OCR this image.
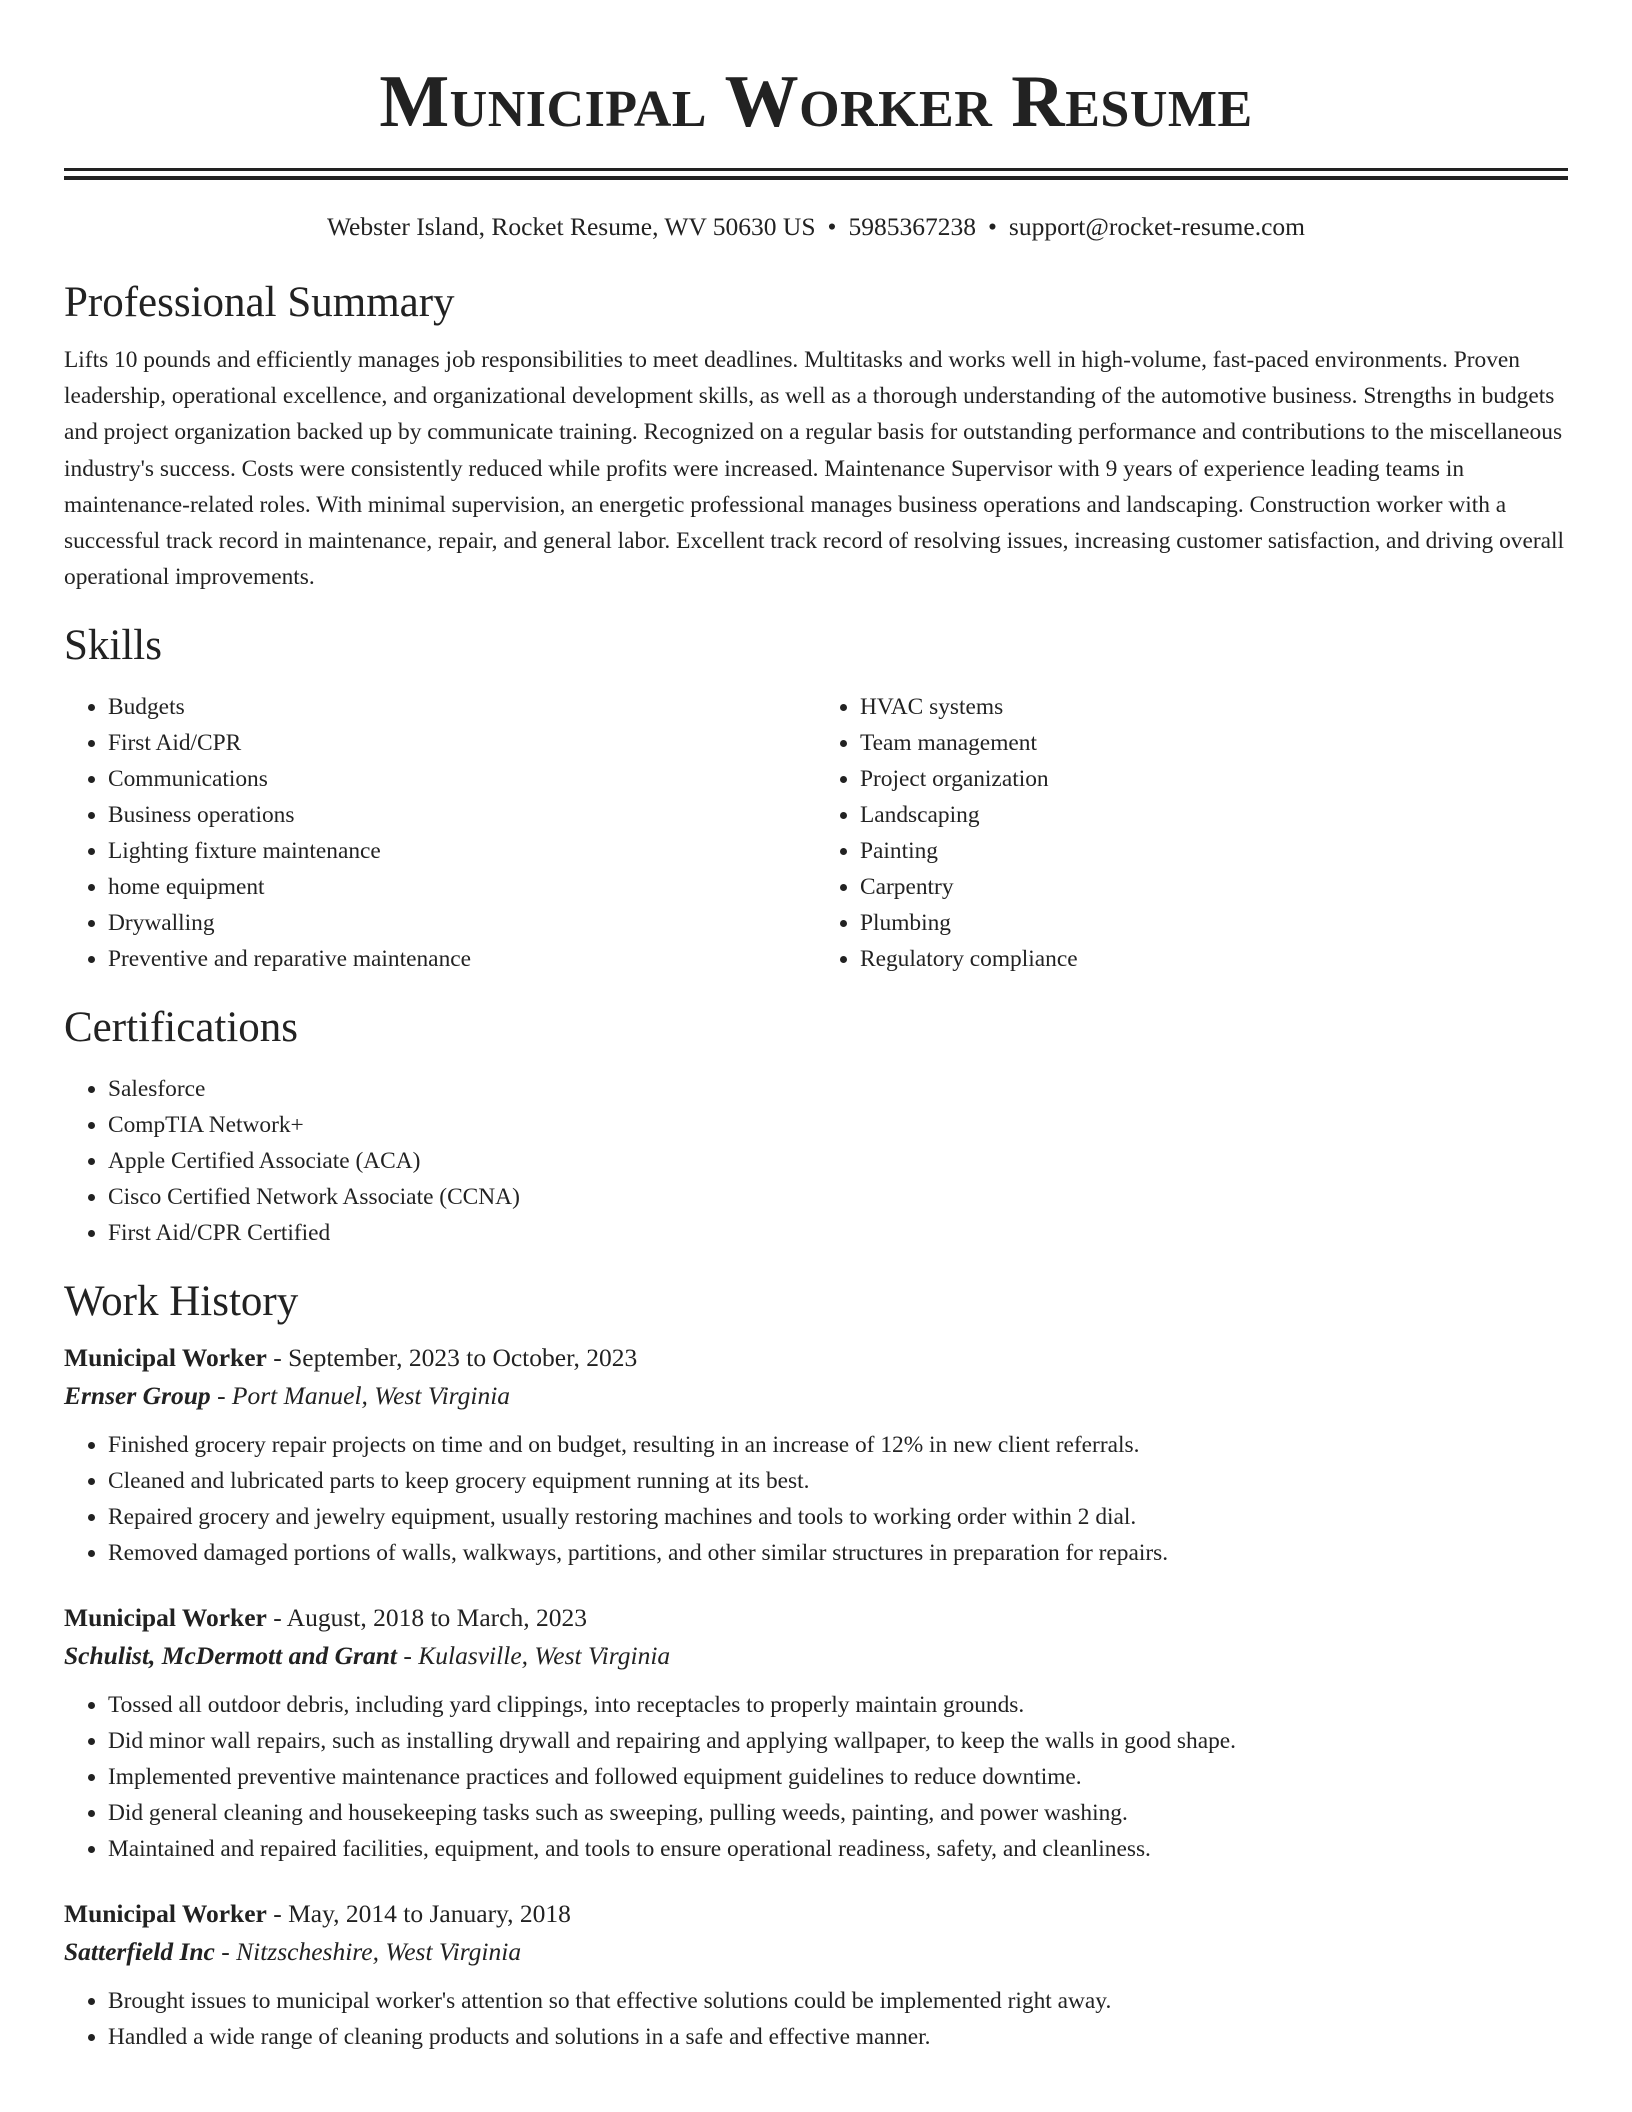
Municipal Worker Resume
Webster Island, Rocket Resume, WV 50630 US • 5985367238 • support@rocket-resume.com
Professional Summary
Lifts 10 pounds and efficiently manages job responsibilities to meet deadlines. Multitasks and works well in high-volume, fast-paced environments. Proven leadership, operational excellence, and organizational development skills, as well as a thorough understanding of the automotive business. Strengths in budgets and project organization backed up by communicate training. Recognized on a regular basis for outstanding performance and contributions to the miscellaneous industry's success. Costs were consistently reduced while profits were increased. Maintenance Supervisor with 9 years of experience leading teams in maintenance-related roles. With minimal supervision, an energetic professional manages business operations and landscaping. Construction worker with a successful track record in maintenance, repair, and general labor. Excellent track record of resolving issues, increasing customer satisfaction, and driving overall operational improvements.
Skills
• Budgets
• First Aid/CPR
• Communications
• Business operations
• Lighting fixture maintenance
• home equipment
• Drywalling
• Preventive and reparative maintenance
• HVAC systems
• Team management
• Project organization
• Landscaping
• Painting
• Carpentry
• Plumbing
• Regulatory compliance
Certifications
• Salesforce
• CompTIA Network+
• Apple Certified Associate (ACA)
• Cisco Certified Network Associate (CCNA)
• First Aid/CPR Certified
Work History
Municipal Worker - September, 2023 to October, 2023
Ernser Group - Port Manuel, West Virginia
• Finished grocery repair projects on time and on budget, resulting in an increase of 12% in new client referrals.
• Cleaned and lubricated parts to keep grocery equipment running at its best.
• Repaired grocery and jewelry equipment, usually restoring machines and tools to working order within 2 dial.
• Removed damaged portions of walls, walkways, partitions, and other similar structures in preparation for repairs.
Municipal Worker - August, 2018 to March, 2023
Schulist, McDermott and Grant - Kulasville, West Virginia
• Tossed all outdoor debris, including yard clippings, into receptacles to properly maintain grounds.
• Did minor wall repairs, such as installing drywall and repairing and applying wallpaper, to keep the walls in good shape.
• Implemented preventive maintenance practices and followed equipment guidelines to reduce downtime.
• Did general cleaning and housekeeping tasks such as sweeping, pulling weeds, painting, and power washing.
• Maintained and repaired facilities, equipment, and tools to ensure operational readiness, safety, and cleanliness.
Municipal Worker - May, 2014 to January, 2018
Satterfield Inc - Nitzscheshire, West Virginia
• Brought issues to municipal worker's attention so that effective solutions could be implemented right away.
• Handled a wide range of cleaning products and solutions in a safe and effective manner.
